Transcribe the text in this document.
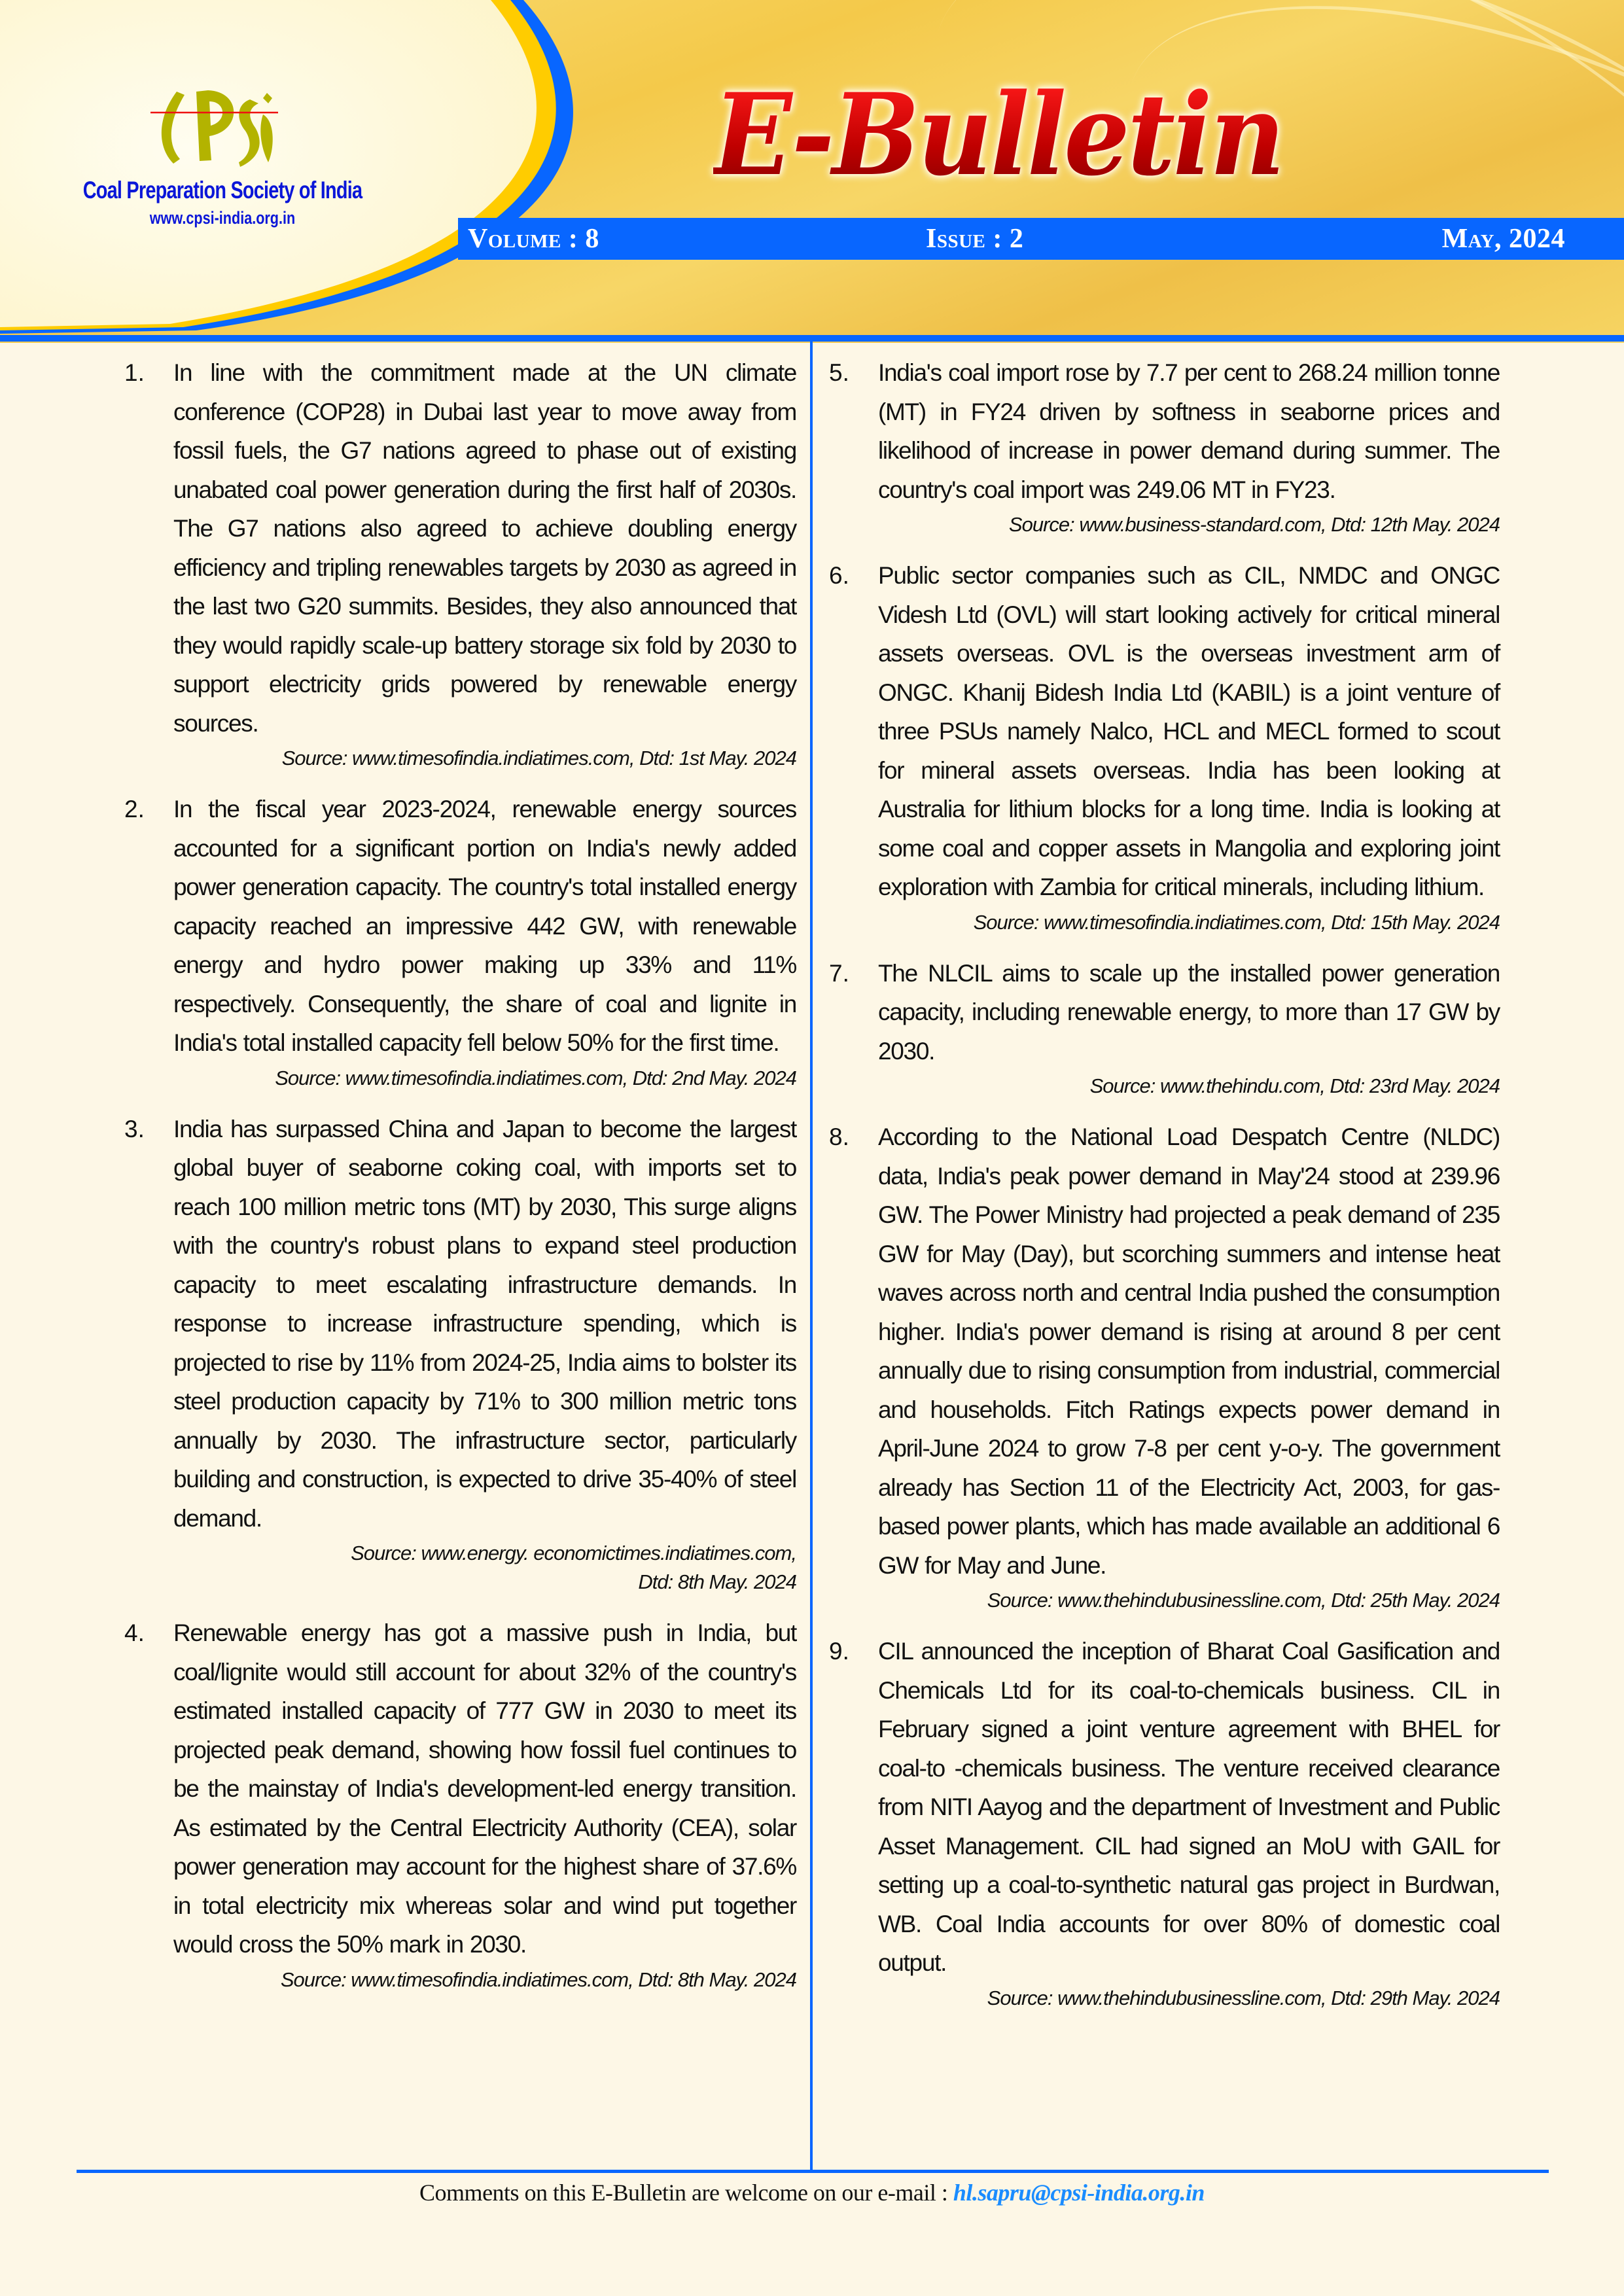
Coal Preparation Society of India
www.cpsi-india.org.in
E-Bulletin
Volume : 8	Issue : 2	May, 2024
1. In line with the commitment made at the UN climate conference (COP28) in Dubai last year to move away from fossil fuels, the G7 nations agreed to phase out of existing unabated coal power generation during the first half of 2030s. The G7 nations also agreed to achieve doubling energy efficiency and tripling renewables targets by 2030 as agreed in the last two G20 summits. Besides, they also announced that they would rapidly scale-up battery storage six fold by 2030 to support electricity grids powered by renewable energy sources.
Source: www.timesofindia.indiatimes.com, Dtd: 1st May. 2024
2. In the fiscal year 2023-2024, renewable energy sources accounted for a significant portion on India's newly added power generation capacity. The country's total installed energy capacity reached an impressive 442 GW, with renewable energy and hydro power making up 33% and 11% respectively. Consequently, the share of coal and lignite in India's total installed capacity fell below 50% for the first time.
Source: www.timesofindia.indiatimes.com, Dtd: 2nd May. 2024
3. India has surpassed China and Japan to become the largest global buyer of seaborne coking coal, with imports set to reach 100 million metric tons (MT) by 2030, This surge aligns with the country's robust plans to expand steel production capacity to meet escalating infrastructure demands. In response to increase infrastructure spending, which is projected to rise by 11% from 2024-25, India aims to bolster its steel production capacity by 71% to 300 million metric tons annually by 2030. The infrastructure sector, particularly building and construction, is expected to drive 35-40% of steel demand.
Source: www.energy. economictimes.indiatimes.com,
Dtd: 8th May. 2024
4. Renewable energy has got a massive push in India, but coal/lignite would still account for about 32% of the country's estimated installed capacity of 777 GW in 2030 to meet its projected peak demand, showing how fossil fuel continues to be the mainstay of India's development-led energy transition. As estimated by the Central Electricity Authority (CEA), solar power generation may account for the highest share of 37.6% in total electricity mix whereas solar and wind put together would cross the 50% mark in 2030.
Source: www.timesofindia.indiatimes.com, Dtd: 8th May. 2024
5. India's coal import rose by 7.7 per cent to 268.24 million tonne (MT) in FY24 driven by softness in seaborne prices and likelihood of increase in power demand during summer. The country's coal import was 249.06 MT in FY23.
Source: www.business-standard.com, Dtd: 12th May. 2024
6. Public sector companies such as CIL, NMDC and ONGC Videsh Ltd (OVL) will start looking actively for critical mineral assets overseas. OVL is the overseas investment arm of ONGC. Khanij Bidesh India Ltd (KABIL) is a joint venture of three PSUs namely Nalco, HCL and MECL formed to scout for mineral assets overseas. India has been looking at Australia for lithium blocks for a long time. India is looking at some coal and copper assets in Mangolia and exploring joint exploration with Zambia for critical minerals, including lithium.
Source: www.timesofindia.indiatimes.com, Dtd: 15th May. 2024
7. The NLCIL aims to scale up the installed power generation capacity, including renewable energy, to more than 17 GW by 2030.
Source: www.thehindu.com, Dtd: 23rd May. 2024
8. According to the National Load Despatch Centre (NLDC) data, India's peak power demand in May'24 stood at 239.96 GW. The Power Ministry had projected a peak demand of 235 GW for May (Day), but scorching summers and intense heat waves across north and central India pushed the consumption higher. India's power demand is rising at around 8 per cent annually due to rising consumption from industrial, commercial and households. Fitch Ratings expects power demand in April-June 2024 to grow 7-8 per cent y-o-y. The government already has Section 11 of the Electricity Act, 2003, for gas-based power plants, which has made available an additional 6 GW for May and June.
Source: www.thehindubusinessline.com, Dtd: 25th May. 2024
9. CIL announced the inception of Bharat Coal Gasification and Chemicals Ltd for its coal-to-chemicals business. CIL in February signed a joint venture agreement with BHEL for coal-to -chemicals business. The venture received clearance from NITI Aayog and the department of Investment and Public Asset Management. CIL had signed an MoU with GAIL for setting up a coal-to-synthetic natural gas project in Burdwan, WB. Coal India accounts for over 80% of domestic coal output.
Source: www.thehindubusinessline.com, Dtd: 29th May. 2024
Comments on this E-Bulletin are welcome on our e-mail : hl.sapru@cpsi-india.org.in
